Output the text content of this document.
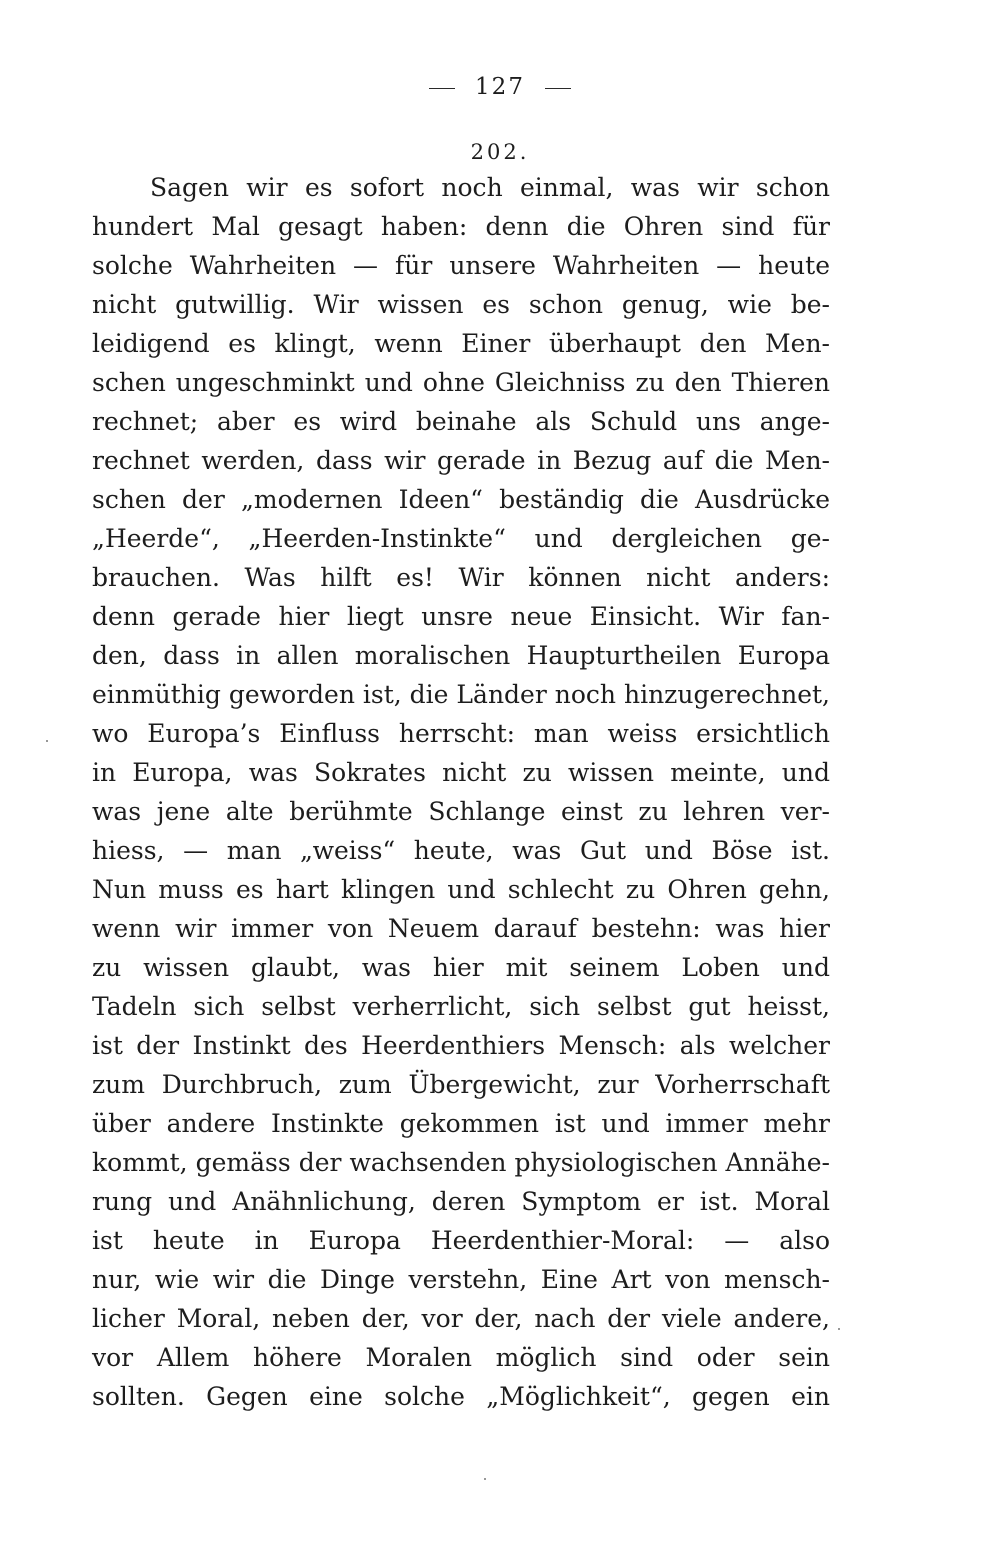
127
202.
Sagen wir es sofort noch einmal, was wir schon
hundert Mal gesagt haben: denn die Ohren sind für
solche Wahrheiten — für unsere Wahrheiten — heute
nicht gutwillig. Wir wissen es schon genug, wie be-
leidigend es klingt, wenn Einer überhaupt den Men-
schen ungeschminkt und ohne Gleichniss zu den Thieren
rechnet; aber es wird beinahe als Schuld uns ange-
rechnet werden, dass wir gerade in Bezug auf die Men-
schen der „modernen Ideen“ beständig die Ausdrücke
„Heerde“, „Heerden-Instinkte“ und dergleichen ge-
brauchen. Was hilft es! Wir können nicht anders:
denn gerade hier liegt unsre neue Einsicht. Wir fan-
den, dass in allen moralischen Haupturtheilen Europa
einmüthig geworden ist, die Länder noch hinzugerechnet,
wo Europa’s Einfluss herrscht: man weiss ersichtlich
in Europa, was Sokrates nicht zu wissen meinte, und
was jene alte berühmte Schlange einst zu lehren ver-
hiess, — man „weiss“ heute, was Gut und Böse ist.
Nun muss es hart klingen und schlecht zu Ohren gehn,
wenn wir immer von Neuem darauf bestehn: was hier
zu wissen glaubt, was hier mit seinem Loben und
Tadeln sich selbst verherrlicht, sich selbst gut heisst,
ist der Instinkt des Heerdenthiers Mensch: als welcher
zum Durchbruch, zum Übergewicht, zur Vorherrschaft
über andere Instinkte gekommen ist und immer mehr
kommt, gemäss der wachsenden physiologischen Annähe-
rung und Anähnlichung, deren Symptom er ist. Moral
ist heute in Europa Heerdenthier-Moral: — also
nur, wie wir die Dinge verstehn, Eine Art von mensch-
licher Moral, neben der, vor der, nach der viele andere,
vor Allem höhere Moralen möglich sind oder sein
sollten. Gegen eine solche „Möglichkeit“, gegen ein
